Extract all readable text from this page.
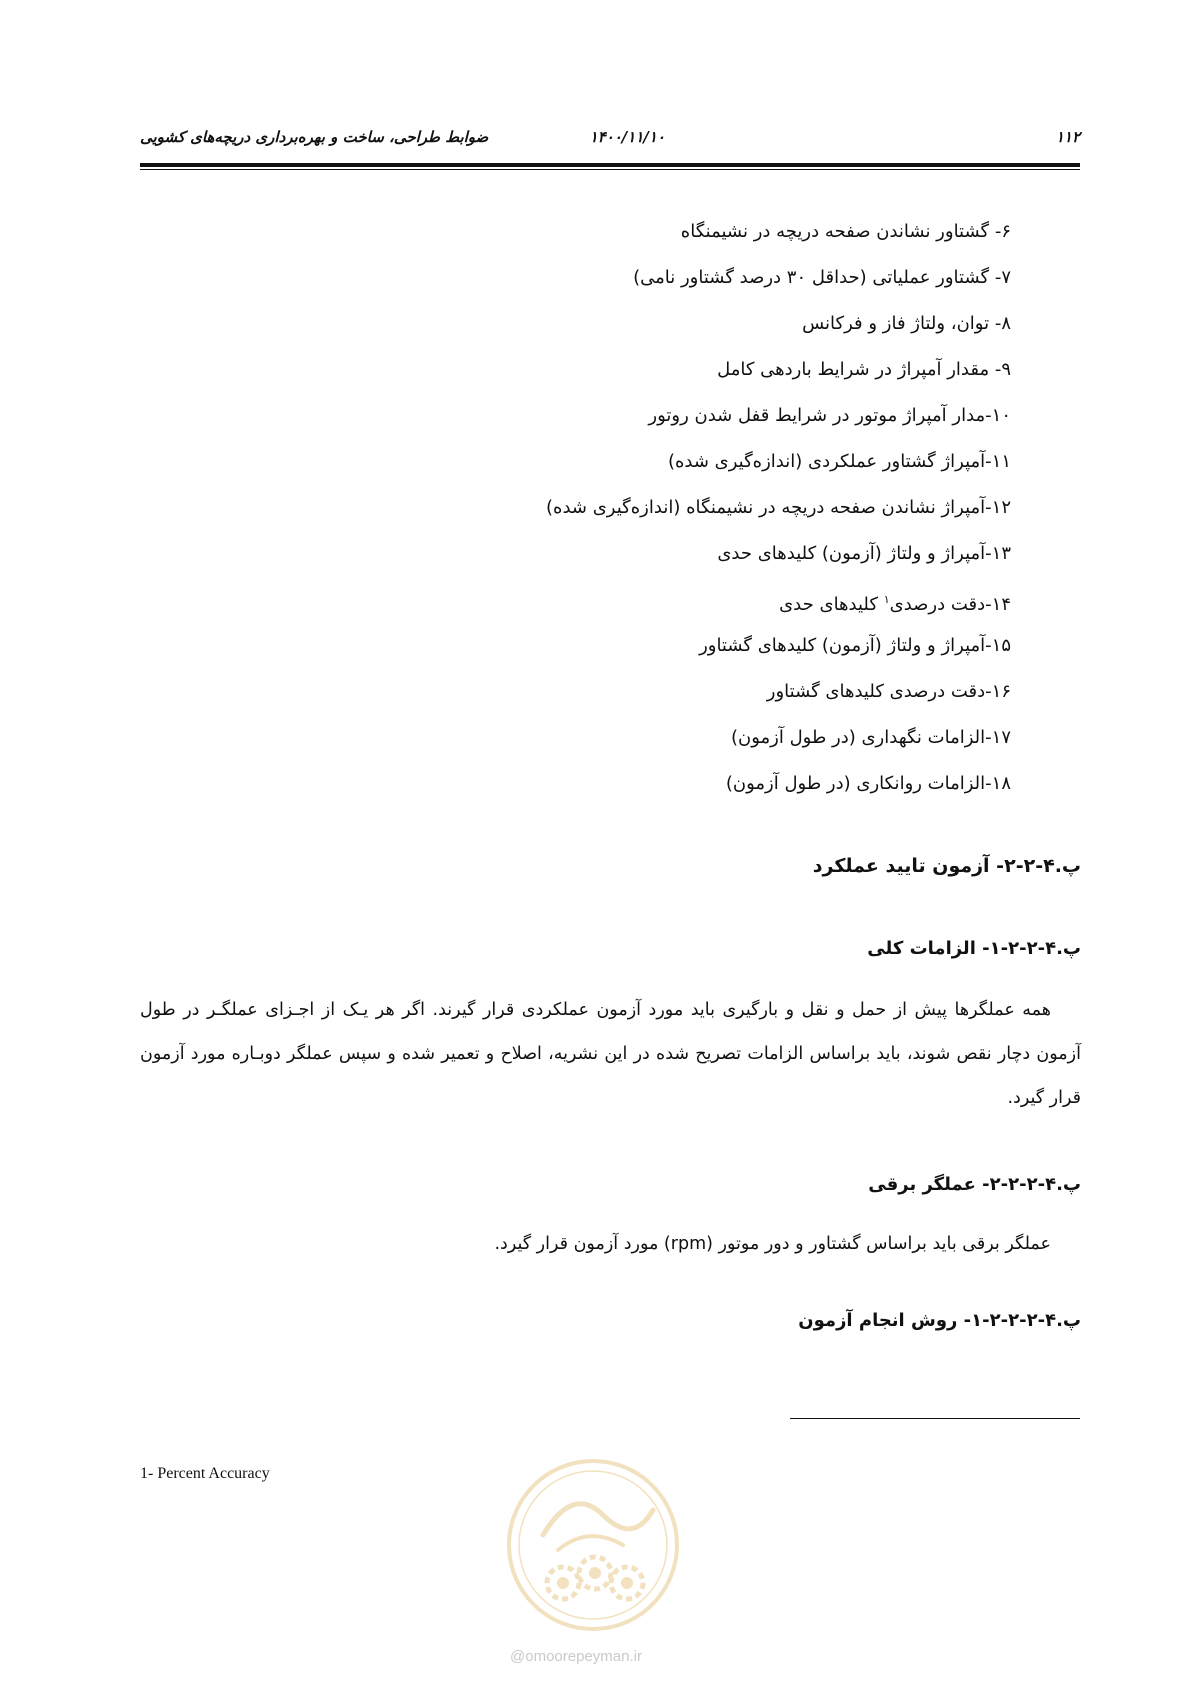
۱۱۲
۱۴۰۰/۱۱/۱۰
ضوابط طراحی، ساخت و بهره‌برداری دریچه‌های کشویی
۶- گشتاور نشاندن صفحه دریچه در نشیمنگاه
۷- گشتاور عملیاتی (حداقل ۳۰ درصد گشتاور نامی)
۸- توان، ولتاژ فاز و فرکانس
۹- مقدار آمپراژ در شرایط باردهی کامل
۱۰-مدار آمپراژ موتور در شرایط قفل شدن روتور
۱۱-آمپراژ گشتاور عملکردی (اندازه‌گیری شده)
۱۲-آمپراژ نشاندن صفحه دریچه در نشیمنگاه (اندازه‌گیری شده)
۱۳-آمپراژ و ولتاژ (آزمون) کلیدهای حدی
۱۴-دقت درصدی$^۱$ کلیدهای حدی
۱۵-آمپراژ و ولتاژ (آزمون) کلیدهای گشتاور
۱۶-دقت درصدی کلیدهای گشتاور
۱۷-الزامات نگهداری (در طول آزمون)
۱۸-الزامات روانکاری (در طول آزمون)
پ.۴-۲-۲- آزمون تایید عملکرد
پ.۴-۲-۲-۱- الزامات کلی
همه عملگرها پیش از حمل و نقل و بارگیری باید مورد آزمون عملکردی قرار گیرند. اگر هر یـک از اجـزای عملگـر در طول آزمون دچار نقص شوند، باید براساس الزامات تصریح شده در این نشریه، اصلاح و تعمیر شده و سپس عملگر دوبـاره مورد آزمون قرار گیرد.
پ.۴-۲-۲-۲- عملگر برقی
عملگر برقی باید براساس گشتاور و دور موتور (rpm) مورد آزمون قرار گیرد.
پ.۴-۲-۲-۲-۱- روش انجام آزمون
1- Percent Accuracy
@omoorepeyman.ir
